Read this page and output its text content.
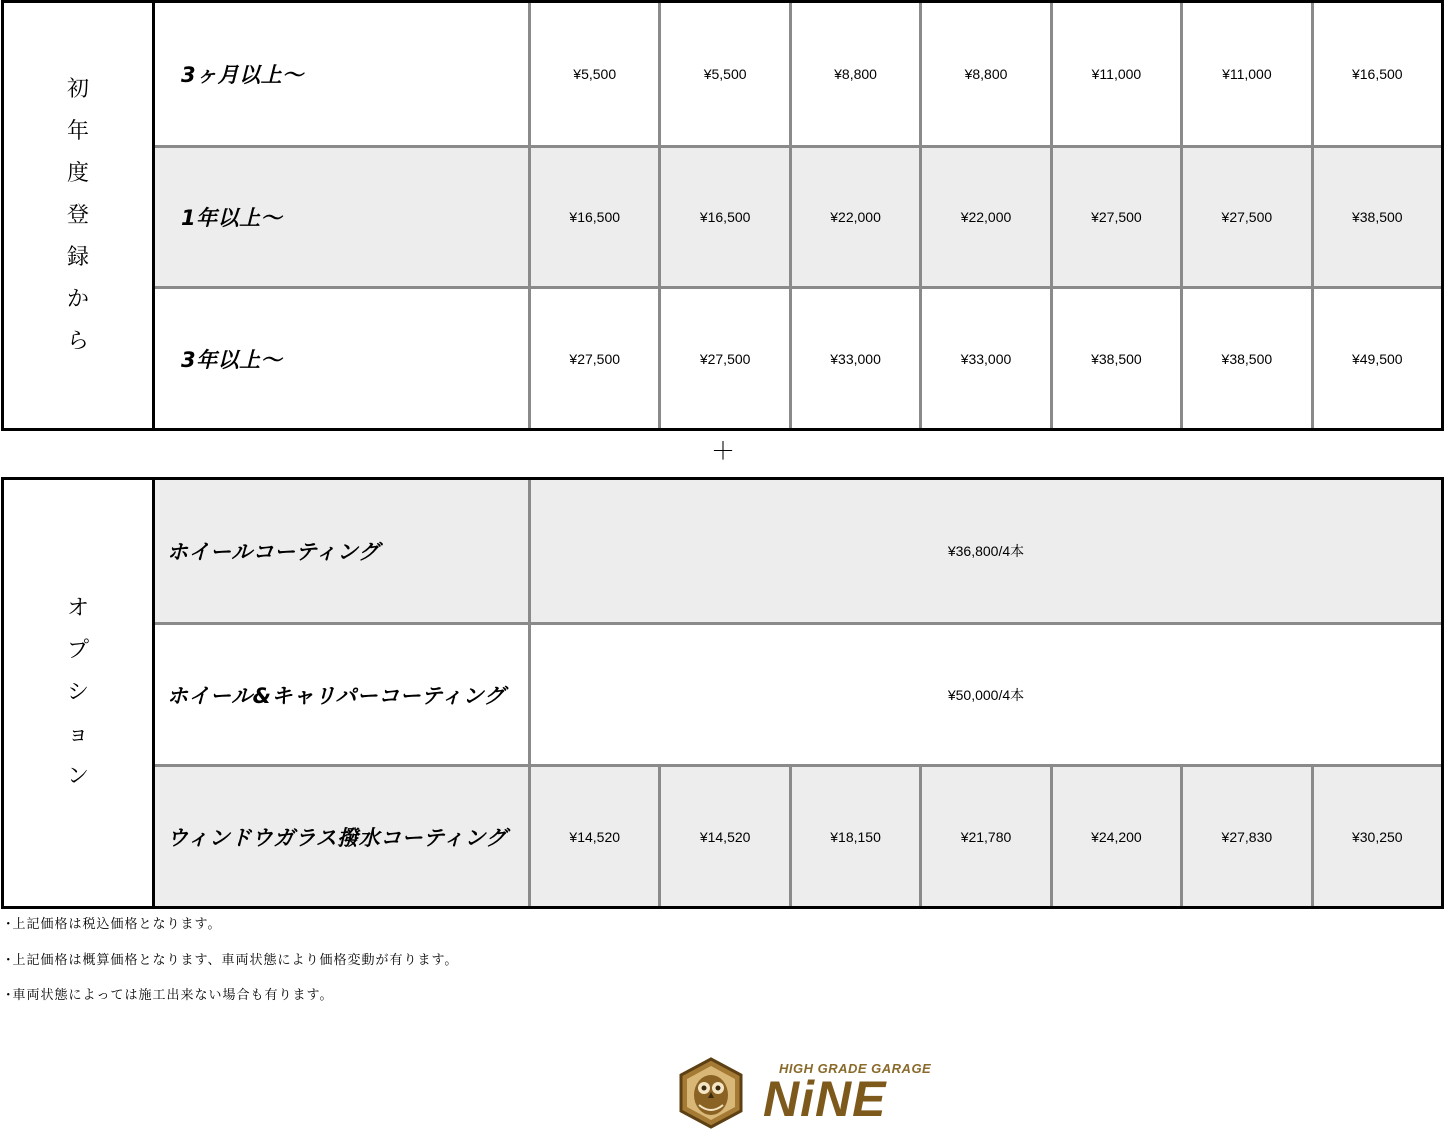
初
年
度
登
録
か
ら
3ヶ月以上〜	¥5,500	¥5,500	¥8,800	¥8,800	¥11,000	¥11,000	¥16,500
1年以上〜	¥16,500	¥16,500	¥22,000	¥22,000	¥27,500	¥27,500	¥38,500
3年以上〜	¥27,500	¥27,500	¥33,000	¥33,000	¥38,500	¥38,500	¥49,500
＋
オ
プ
シ
ョ
ン
ホイールコーティング	¥36,800/4本
ホイール&キャリパーコーティング	¥50,000/4本
ウィンドウガラス撥水コーティング	¥14,520	¥14,520	¥18,150	¥21,780	¥24,200	¥27,830	¥30,250
･上記価格は税込価格となります。
･上記価格は概算価格となります、車両状態により価格変動が有ります。
･車両状態によっては施工出来ない場合も有ります。
HIGH GRADE GARAGE
NiNE
